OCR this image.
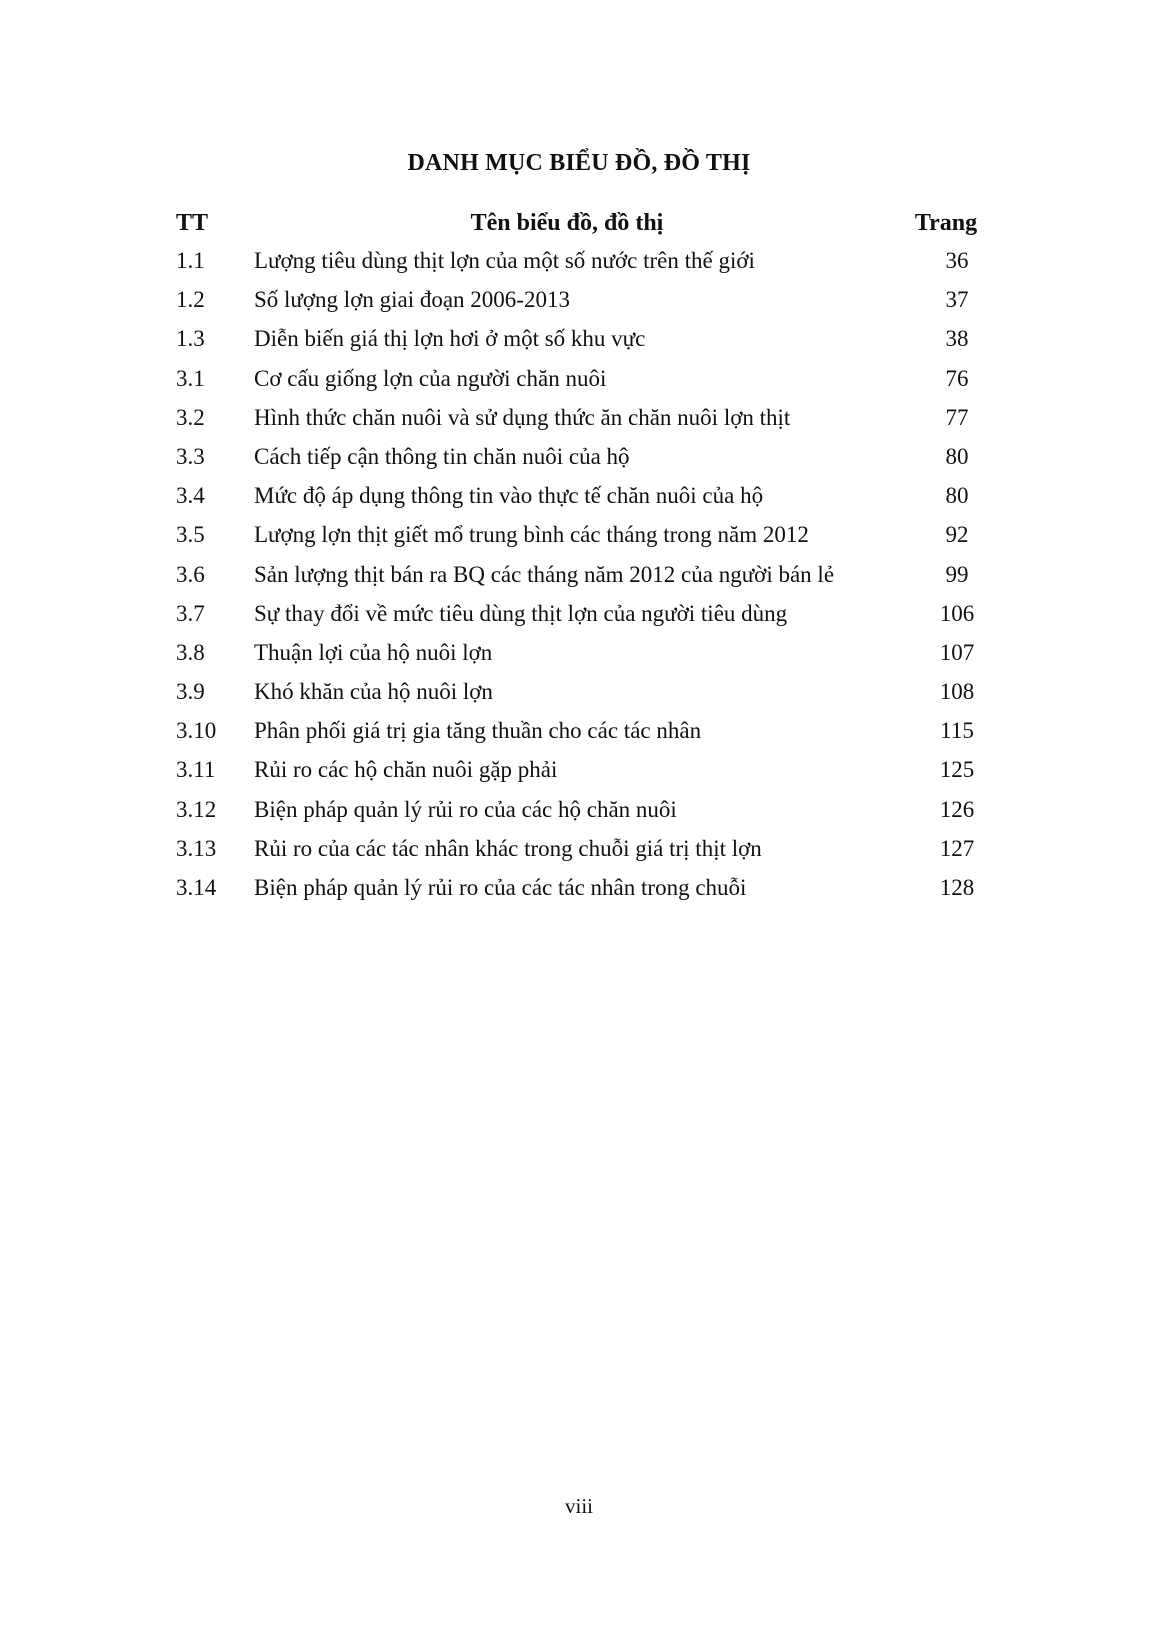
DANH MỤC BIỂU ĐỒ, ĐỒ THỊ
TT	Tên biểu đồ, đồ thị	Trang
1.1 Lượng tiêu dùng thịt lợn của một số nước trên thế giới	36
1.2 Số lượng lợn giai đoạn 2006-2013	37
1.3 Diễn biến giá thị lợn hơi ở một số khu vực	38
3.1 Cơ cấu giống lợn của người chăn nuôi	76
3.2 Hình thức chăn nuôi và sử dụng thức ăn chăn nuôi lợn thịt	77
3.3 Cách tiếp cận thông tin chăn nuôi của hộ	80
3.4 Mức độ áp dụng thông tin vào thực tế chăn nuôi của hộ	80
3.5 Lượng lợn thịt giết mổ trung bình các tháng trong năm 2012	92
3.6 Sản lượng thịt bán ra BQ các tháng năm 2012 của người bán lẻ	99
3.7 Sự thay đổi về mức tiêu dùng thịt lợn của người tiêu dùng	106
3.8 Thuận lợi của hộ nuôi lợn	107
3.9 Khó khăn của hộ nuôi lợn	108
3.10 Phân phối giá trị gia tăng thuần cho các tác nhân	115
3.11 Rủi ro các hộ chăn nuôi gặp phải	125
3.12 Biện pháp quản lý rủi ro của các hộ chăn nuôi	126
3.13 Rủi ro của các tác nhân khác trong chuỗi giá trị thịt lợn	127
3.14 Biện pháp quản lý rủi ro của các tác nhân trong chuỗi	128
viii
